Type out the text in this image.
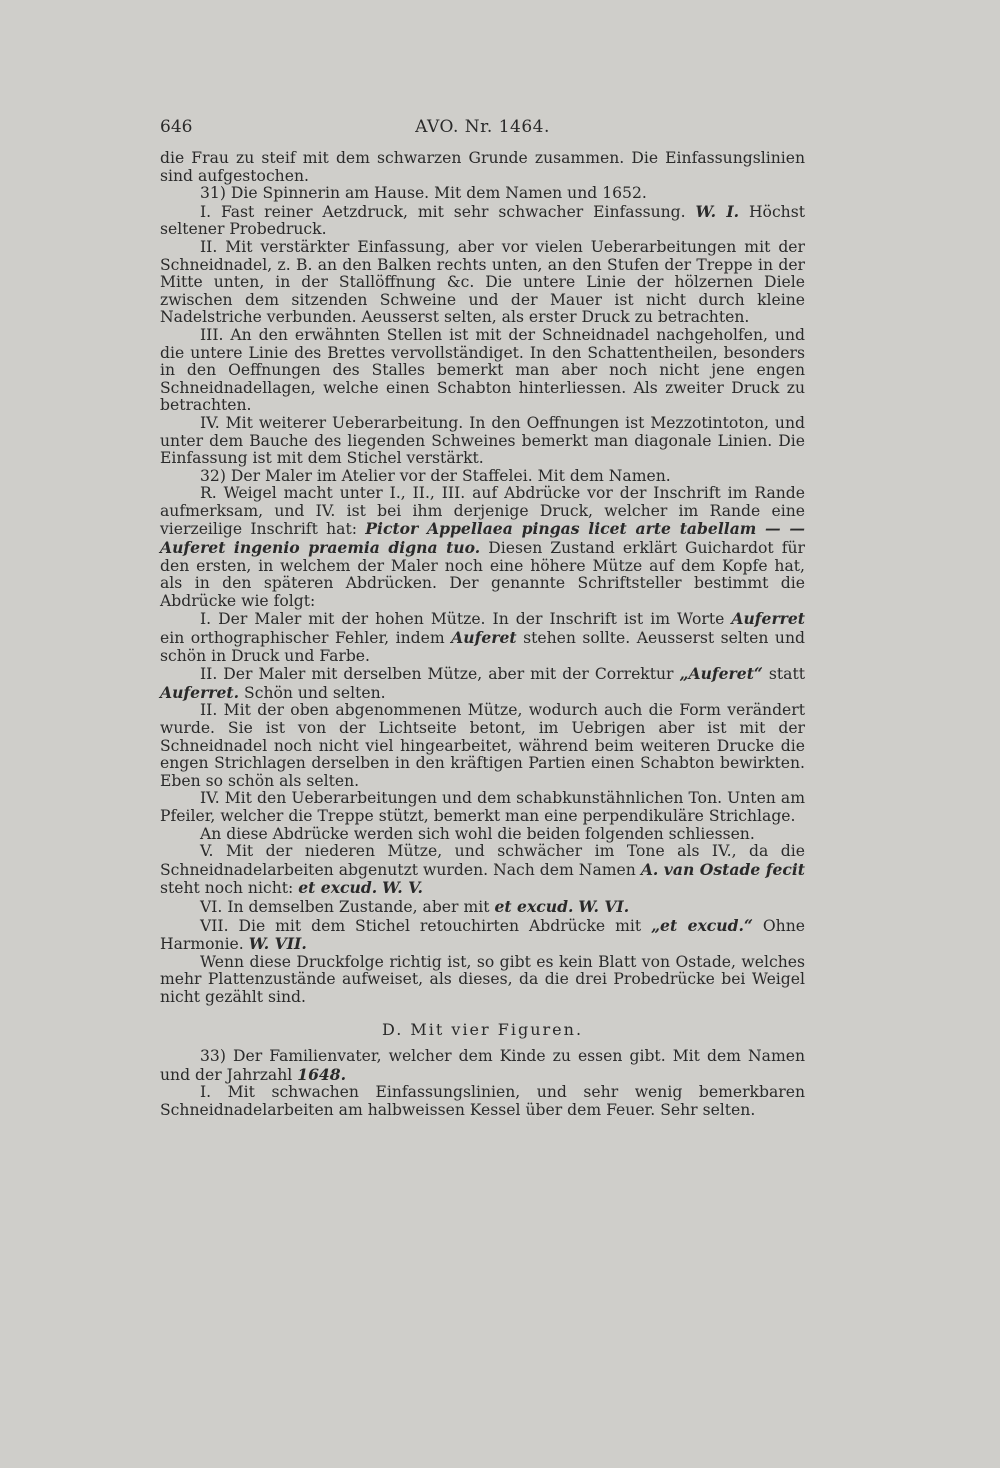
646	AVO. Nr. 1464.

die Frau zu steif mit dem schwarzen Grunde zusammen. Die Einfassungslinien sind aufgestochen.

31) Die Spinnerin am Hause. Mit dem Namen und 1652.

I. Fast reiner Aetzdruck, mit sehr schwacher Einfassung. W. I. Höchst seltener Probedruck.

II. Mit verstärkter Einfassung, aber vor vielen Ueberarbeitungen mit der Schneidnadel, z. B. an den Balken rechts unten, an den Stufen der Treppe in der Mitte unten, in der Stallöffnung &c. Die untere Linie der hölzernen Diele zwischen dem sitzenden Schweine und der Mauer ist nicht durch kleine Nadelstriche verbunden. Aeusserst selten, als erster Druck zu betrachten.

III. An den erwähnten Stellen ist mit der Schneidnadel nachgeholfen, und die untere Linie des Brettes vervollständiget. In den Schattentheilen, besonders in den Oeffnungen des Stalles bemerkt man aber noch nicht jene engen Schneidnadellagen, welche einen Schabton hinterliessen. Als zweiter Druck zu betrachten.

IV. Mit weiterer Ueberarbeitung. In den Oeffnungen ist Mezzotintoton, und unter dem Bauche des liegenden Schweines bemerkt man diagonale Linien. Die Einfassung ist mit dem Stichel verstärkt.

32) Der Maler im Atelier vor der Staffelei. Mit dem Namen.

R. Weigel macht unter I., II., III. auf Abdrücke vor der Inschrift im Rande aufmerksam, und IV. ist bei ihm derjenige Druck, welcher im Rande eine vierzeilige Inschrift hat: Pictor Appellaea pingas licet arte tabellam — — Auferet ingenio praemia digna tuo. Diesen Zustand erklärt Guichardot für den ersten, in welchem der Maler noch eine höhere Mütze auf dem Kopfe hat, als in den späteren Abdrücken. Der genannte Schriftsteller bestimmt die Abdrücke wie folgt:

I. Der Maler mit der hohen Mütze. In der Inschrift ist im Worte Auferret ein orthographischer Fehler, indem Auferet stehen sollte. Aeusserst selten und schön in Druck und Farbe.

II. Der Maler mit derselben Mütze, aber mit der Correktur „Auferet“ statt Auferret. Schön und selten.

II. Mit der oben abgenommenen Mütze, wodurch auch die Form verändert wurde. Sie ist von der Lichtseite betont, im Uebrigen aber ist mit der Schneidnadel noch nicht viel hingearbeitet, während beim weiteren Drucke die engen Strichlagen derselben in den kräftigen Partien einen Schabton bewirkten. Eben so schön als selten.

IV. Mit den Ueberarbeitungen und dem schabkunstähnlichen Ton. Unten am Pfeiler, welcher die Treppe stützt, bemerkt man eine perpendikuläre Strichlage.

An diese Abdrücke werden sich wohl die beiden folgenden schliessen.

V. Mit der niederen Mütze, und schwächer im Tone als IV., da die Schneidnadelarbeiten abgenutzt wurden. Nach dem Namen A. van Ostade fecit steht noch nicht: et excud. W. V.

VI. In demselben Zustande, aber mit et excud. W. VI.

VII. Die mit dem Stichel retouchirten Abdrücke mit „et excud.“ Ohne Harmonie. W. VII.

Wenn diese Druckfolge richtig ist, so gibt es kein Blatt von Ostade, welches mehr Plattenzustände aufweiset, als dieses, da die drei Probedrücke bei Weigel nicht gezählt sind.

D. Mit vier Figuren.

33) Der Familienvater, welcher dem Kinde zu essen gibt. Mit dem Namen und der Jahrzahl 1648.

I. Mit schwachen Einfassungslinien, und sehr wenig bemerkbaren Schneidnadelarbeiten am halbweissen Kessel über dem Feuer. Sehr selten.
